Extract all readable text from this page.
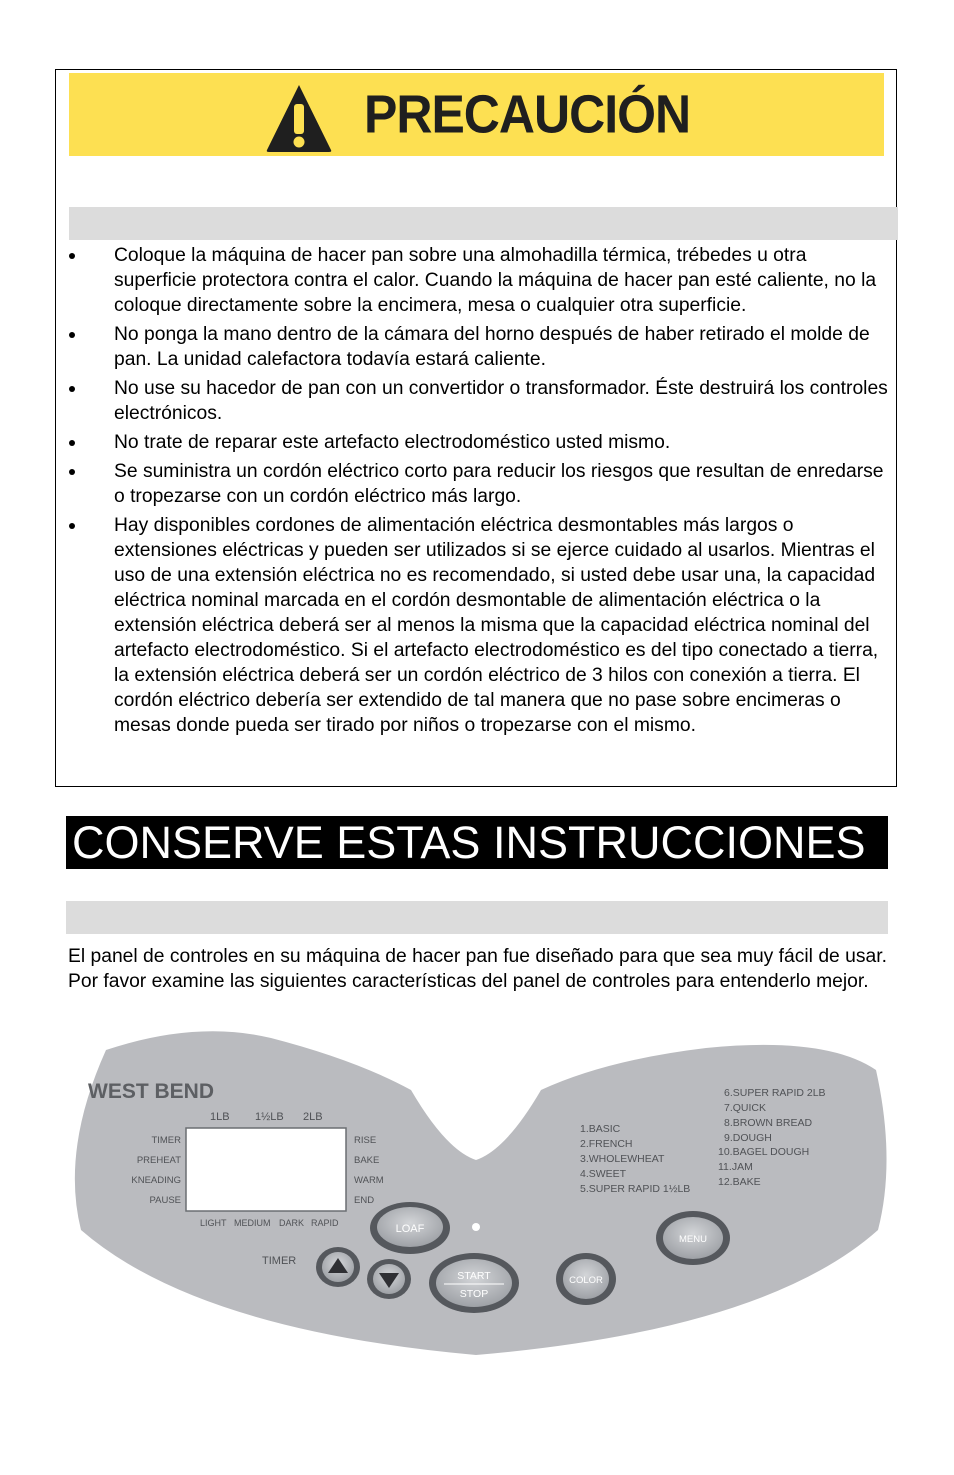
PRECAUCIÓN
Coloque la máquina de hacer pan sobre una almohadilla térmica, trébedes u otra superficie protectora contra el calor. Cuando la máquina de hacer pan esté caliente, no la coloque directamente sobre la encimera, mesa o cualquier otra superficie.
No ponga la mano dentro de la cámara del horno después de haber retirado el molde de pan. La unidad calefactora todavía estará caliente.
No use su hacedor de pan con un convertidor o transformador. Éste destruirá los controles electrónicos.
No trate de reparar este artefacto electrodoméstico usted mismo.
Se suministra un cordón eléctrico corto para reducir los riesgos que resultan de enredarse o tropezarse con un cordón eléctrico más largo.
Hay disponibles cordones de alimentación eléctrica desmontables más largos o extensiones eléctricas y pueden ser utilizados si se ejerce cuidado al usarlos. Mientras el uso de una extensión eléctrica no es recomendado, si usted debe usar una, la capacidad eléctrica nominal marcada en el cordón desmontable de alimentación eléctrica o la extensión eléctrica deberá ser al menos la misma que la capacidad eléctrica nominal del artefacto electrodoméstico. Si el artefacto electrodoméstico es del tipo conectado a tierra, la extensión eléctrica deberá ser un cordón eléctrico de 3 hilos con conexión a tierra. El cordón eléctrico debería ser extendido de tal manera que no pase sobre encimeras o mesas donde pueda ser tirado por niños o tropezarse con el mismo.
CONSERVE ESTAS INSTRUCCIONES

El panel de controles en su máquina de hacer pan fue diseñado para que sea muy fácil de usar. Por favor examine las siguientes características del panel de controles para entenderlo mejor.

WEST BEND
1LB 1½LB 2LB
TIMER
PREHEAT
KNEADING
PAUSE
RISE
BAKE
WARM
END
LIGHT MEDIUM DARK RAPID
TIMER
LOAF
START
STOP
COLOR
MENU
1.BASIC
2.FRENCH
3.WHOLEWHEAT
4.SWEET
5.SUPER RAPID 1½LB
6.SUPER RAPID 2LB
7.QUICK
8.BROWN BREAD
9.DOUGH
10.BAGEL DOUGH
11.JAM
12.BAKE
